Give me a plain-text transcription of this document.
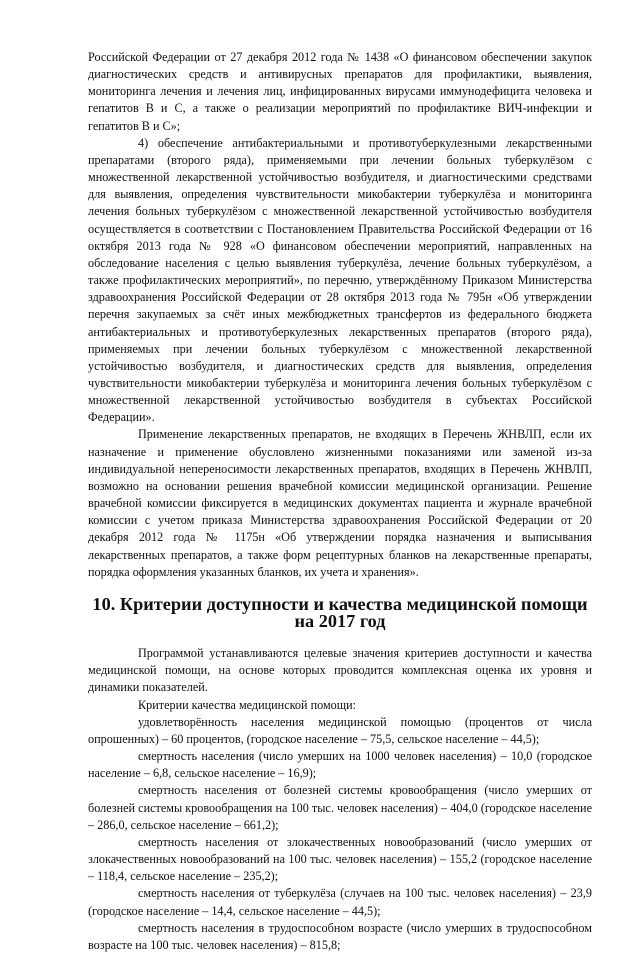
Российской Федерации от 27 декабря 2012 года № 1438 «О финансовом обеспечении закупок диагностических средств и антивирусных препаратов для профилактики, выявления, мониторинга лечения и лечения лиц, инфицированных вирусами иммунодефицита человека и гепатитов B и C, а также о реализации мероприятий по профилактике ВИЧ-инфекции и гепатитов B и C»;

4) обеспечение антибактериальными и противотуберкулезными лекарственными препаратами (второго ряда), применяемыми при лечении больных туберкулёзом с множественной лекарственной устойчивостью возбудителя, и диагностическими средствами для выявления, определения чувствительности микобактерии туберкулёза и мониторинга лечения больных туберкулёзом с множественной лекарственной устойчивостью возбудителя осуществляется в соответствии с Постановлением Правительства Российской Федерации от 16 октября 2013 года № 928 «О финансовом обеспечении мероприятий, направленных на обследование населения с целью выявления туберкулёза, лечение больных туберкулёзом, а также профилактических мероприятий», по перечню, утверждённому Приказом Министерства здравоохранения Российской Федерации от 28 октября 2013 года № 795н «Об утверждении перечня закупаемых за счёт иных межбюджетных трансфертов из федерального бюджета антибактериальных и противотуберкулезных лекарственных препаратов (второго ряда), применяемых при лечении больных туберкулёзом с множественной лекарственной устойчивостью возбудителя, и диагностических средств для выявления, определения чувствительности микобактерии туберкулёза и мониторинга лечения больных туберкулёзом с множественной лекарственной устойчивостью возбудителя в субъектах Российской Федерации».

Применение лекарственных препаратов, не входящих в Перечень ЖНВЛП, если их назначение и применение обусловлено жизненными показаниями или заменой из-за индивидуальной непереносимости лекарственных препаратов, входящих в Перечень ЖНВЛП, возможно на основании решения врачебной комиссии медицинской организации. Решение врачебной комиссии фиксируется в медицинских документах пациента и журнале врачебной комиссии с учетом приказа Министерства здравоохранения Российской Федерации от 20 декабря 2012 года № 1175н «Об утверждении порядка назначения и выписывания лекарственных препаратов, а также форм рецептурных бланков на лекарственные препараты, порядка оформления указанных бланков, их учета и хранения».

10. Критерии доступности и качества медицинской помощи на 2017 год

Программой устанавливаются целевые значения критериев доступности и качества медицинской помощи, на основе которых проводится комплексная оценка их уровня и динамики показателей.

Критерии качества медицинской помощи:

удовлетворённость населения медицинской помощью (процентов от числа опрошенных) – 60 процентов, (городское население – 75,5, сельское население – 44,5);

смертность населения (число умерших на 1000 человек населения) – 10,0 (городское население – 6,8, сельское население – 16,9);

смертность населения от болезней системы кровообращения (число умерших от болезней системы кровообращения на 100 тыс. человек населения) – 404,0 (городское население – 286,0, сельское население – 661,2);

смертность населения от злокачественных новообразований (число умерших от злокачественных новообразований на 100 тыс. человек населения) – 155,2 (городское население – 118,4, сельское население – 235,2);

смертность населения от туберкулёза (случаев на 100 тыс. человек населения) – 23,9 (городское население – 14,4, сельское население – 44,5);

смертность населения в трудоспособном возрасте (число умерших в трудоспособном возрасте на 100 тыс. человек населения) – 815,8;
